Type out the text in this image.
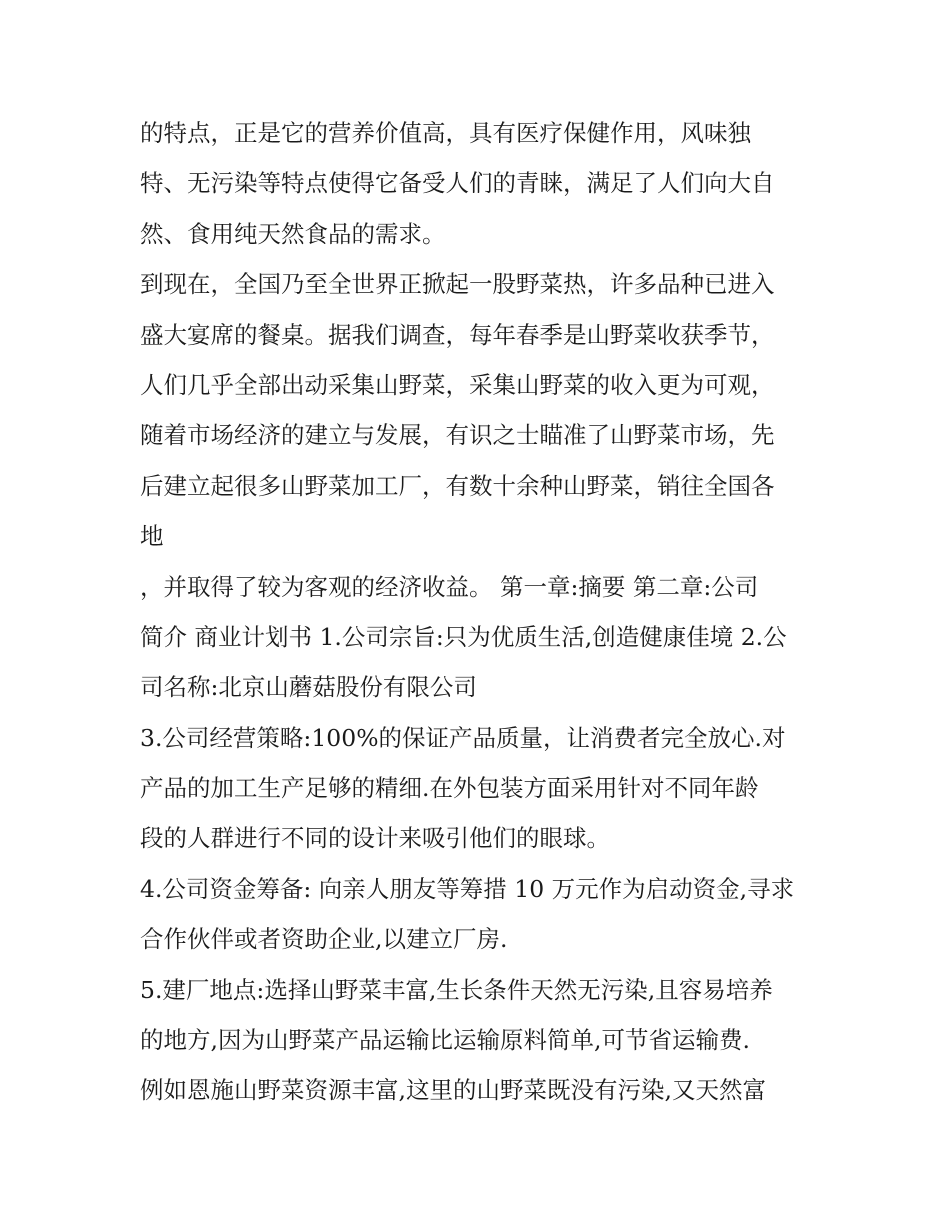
的特点，正是它的营养价值高，具有医疗保健作用，风味独
特、无污染等特点使得它备受人们的青睐，满足了人们向大自
然、食用纯天然食品的需求。
到现在，全国乃至全世界正掀起一股野菜热，许多品种已进入
盛大宴席的餐桌。据我们调查，每年春季是山野菜收获季节，
人们几乎全部出动采集山野菜，采集山野菜的收入更为可观，
随着市场经济的建立与发展，有识之士瞄准了山野菜市场，先
后建立起很多山野菜加工厂，有数十余种山野菜，销往全国各
地
，并取得了较为客观的经济收益。 第一章:摘要 第二章:公司
简介 商业计划书 1.公司宗旨:只为优质生活,创造健康佳境 2.公
司名称:北京山蘑菇股份有限公司
3.公司经营策略:100%的保证产品质量，让消费者完全放心.对
产品的加工生产足够的精细.在外包装方面采用针对不同年龄
段的人群进行不同的设计来吸引他们的眼球。
4.公司资金筹备: 向亲人朋友等筹措 10 万元作为启动资金,寻求
合作伙伴或者资助企业,以建立厂房.
5.建厂地点:选择山野菜丰富,生长条件天然无污染,且容易培养
的地方,因为山野菜产品运输比运输原料简单,可节省运输费.
例如恩施山野菜资源丰富,这里的山野菜既没有污染,又天然富
